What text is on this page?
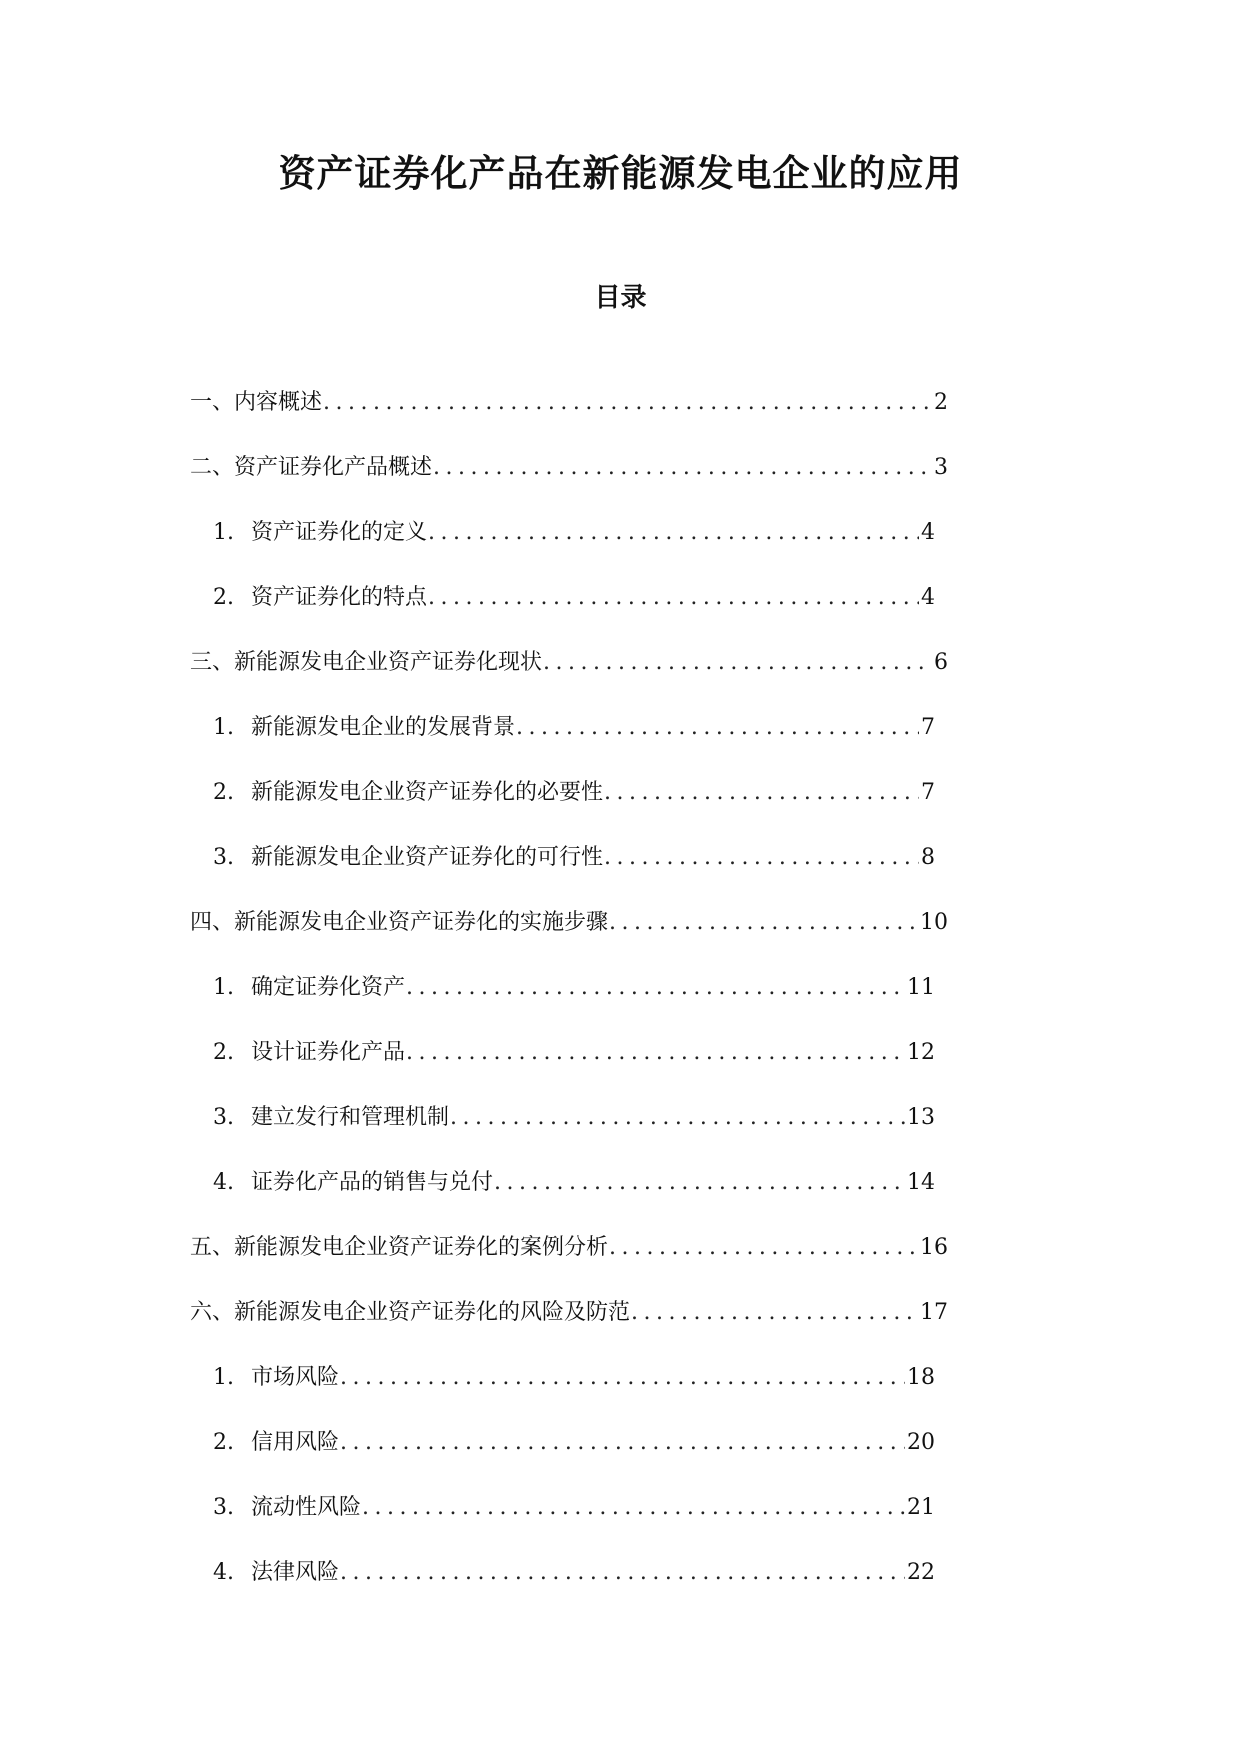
资产证券化产品在新能源发电企业的应用
目录
一、内容概述 .....	2
二、资产证券化产品概述 .....	3
1. 资产证券化的定义 .....	4
2. 资产证券化的特点 .....	4
三、新能源发电企业资产证券化现状 .....	6
1. 新能源发电企业的发展背景 .....	7
2. 新能源发电企业资产证券化的必要性 .....	7
3. 新能源发电企业资产证券化的可行性 .....	8
四、新能源发电企业资产证券化的实施步骤 .....	10
1. 确定证券化资产 .....	11
2. 设计证券化产品 .....	12
3. 建立发行和管理机制 .....	13
4. 证券化产品的销售与兑付 .....	14
五、新能源发电企业资产证券化的案例分析 .....	16
六、新能源发电企业资产证券化的风险及防范 .....	17
1. 市场风险 .....	18
2. 信用风险 .....	20
3. 流动性风险 .....	21
4. 法律风险 .....	22
